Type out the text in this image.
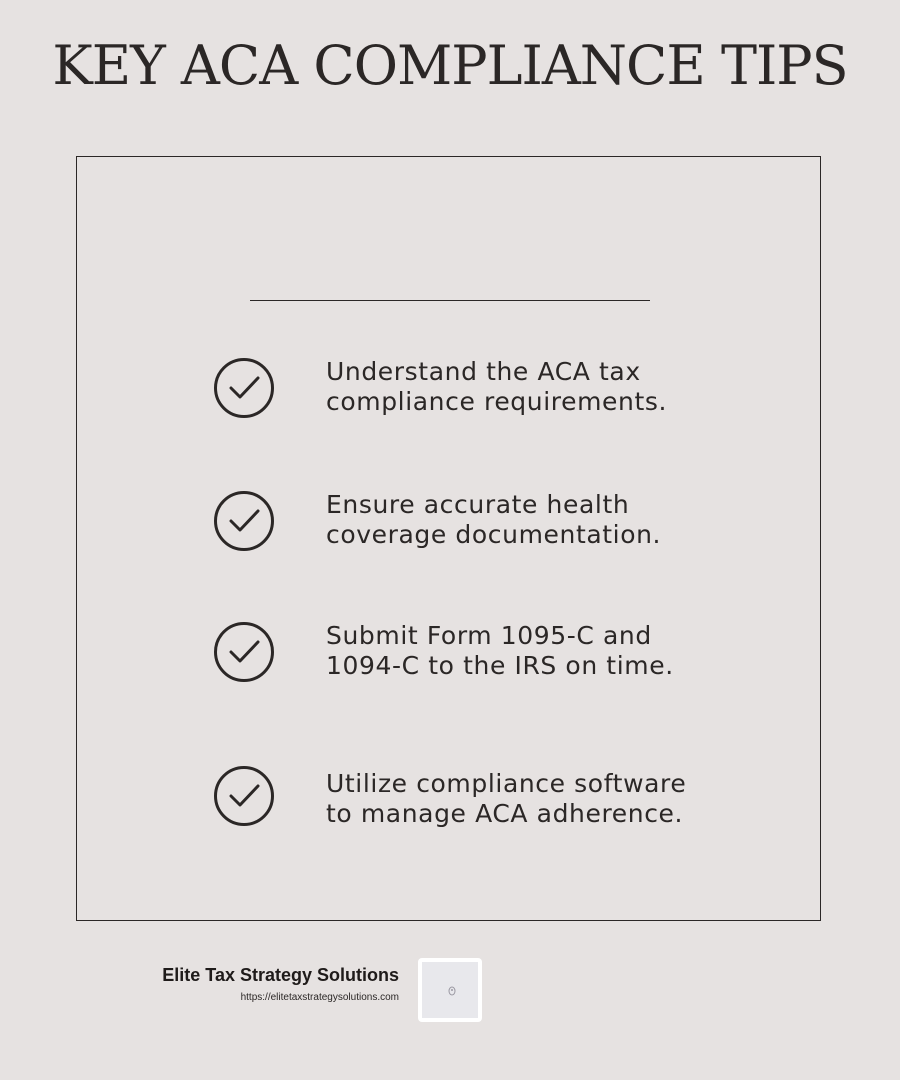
KEY ACA COMPLIANCE TIPS

Understand the ACA tax
compliance requirements.

Ensure accurate health
coverage documentation.

Submit Form 1095-C and
1094-C to the IRS on time.

Utilize compliance software
to manage ACA adherence.

Elite Tax Strategy Solutions
https://elitetaxstrategysolutions.com
